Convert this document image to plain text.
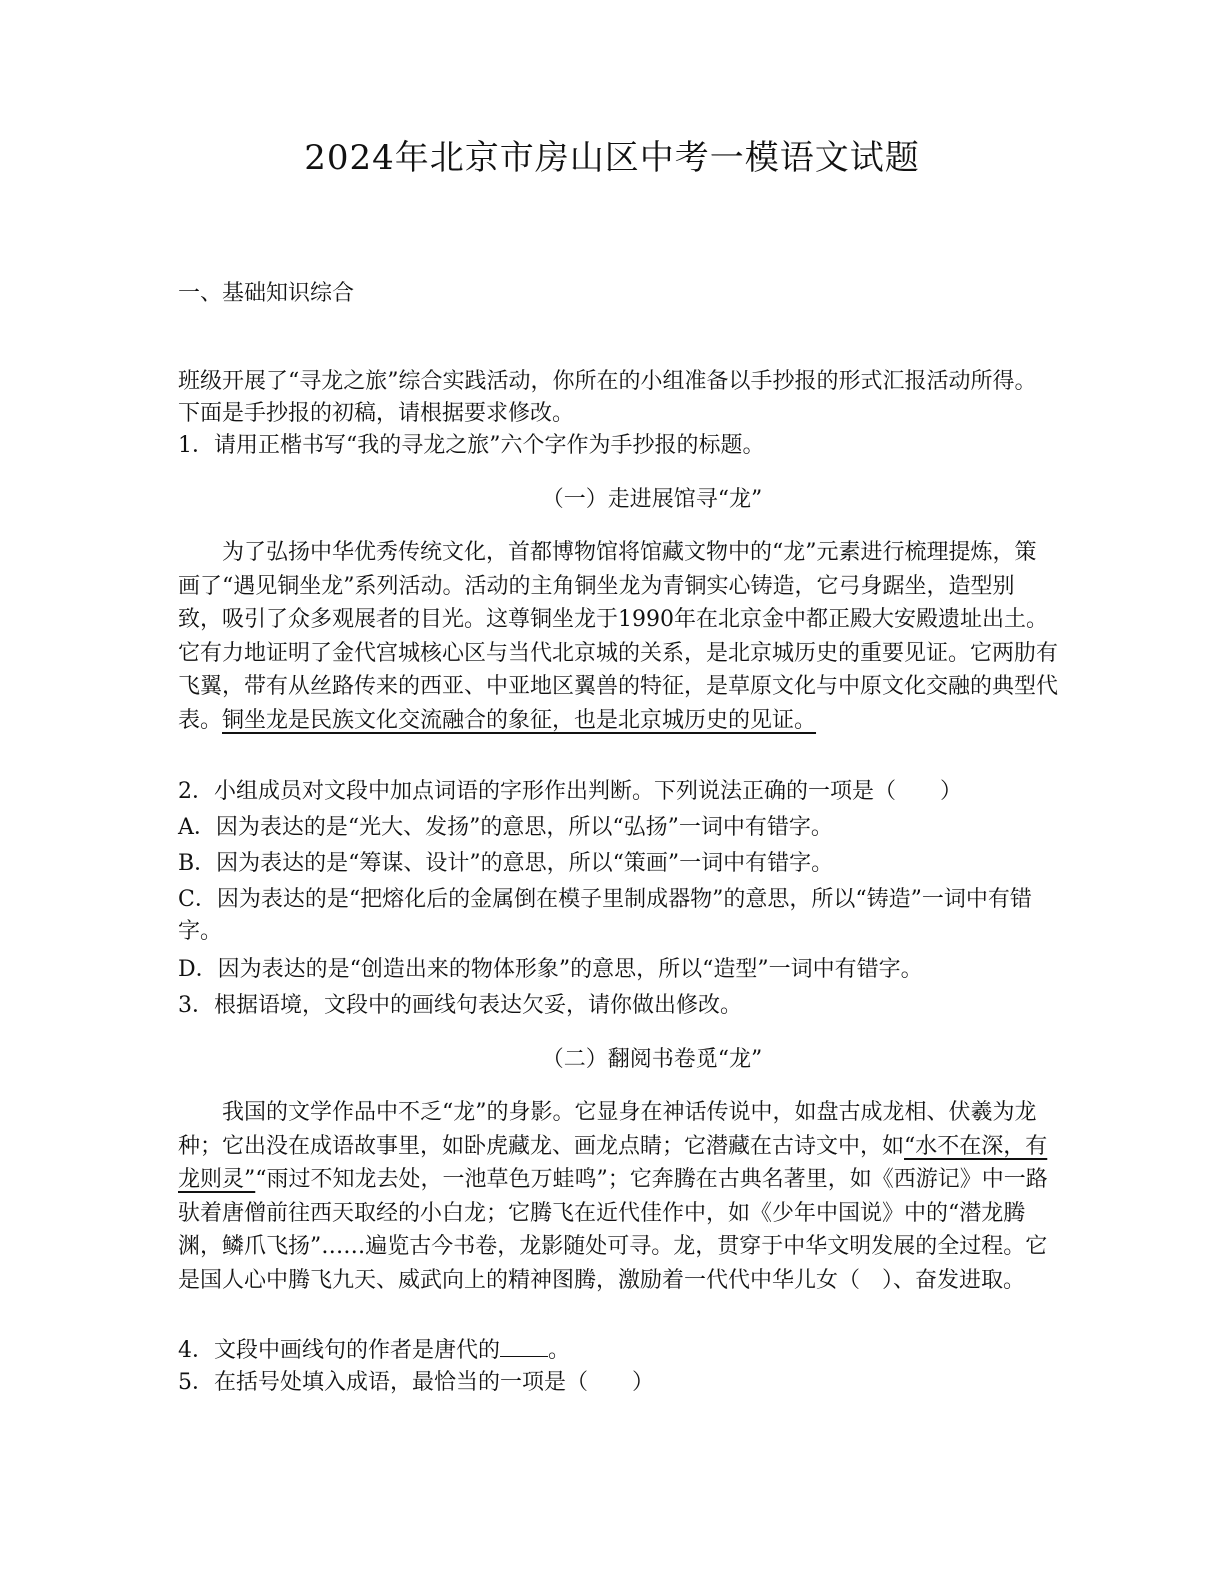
2024年北京市房山区中考一模语文试题
一、基础知识综合

班级开展了“寻龙之旅”综合实践活动，你所在的小组准备以手抄报的形式汇报活动所得。下面是手抄报的初稿，请根据要求修改。

1．请用正楷书写“我的寻龙之旅”六个字作为手抄报的标题。

（一）走进展馆寻“龙”

为了弘扬中华优秀传统文化，首都博物馆将馆藏文物中的“龙”元素进行梳理提炼，策画了“遇见铜坐龙”系列活动。活动的主角铜坐龙为青铜实心铸造，它弓身踞坐，造型别致，吸引了众多观展者的目光。这尊铜坐龙于1990年在北京金中都正殿大安殿遗址出土。它有力地证明了金代宫城核心区与当代北京城的关系，是北京城历史的重要见证。它两肋有飞翼，带有从丝路传来的西亚、中亚地区翼兽的特征，是草原文化与中原文化交融的典型代表。铜坐龙是民族文化交流融合的象征，也是北京城历史的见证。

2．小组成员对文段中加点词语的字形作出判断。下列说法正确的一项是（　　）

A．因为表达的是“光大、发扬”的意思，所以“弘扬”一词中有错字。

B．因为表达的是“筹谋、设计”的意思，所以“策画”一词中有错字。

C．因为表达的是“把熔化后的金属倒在模子里制成器物”的意思，所以“铸造”一词中有错字。

D．因为表达的是“创造出来的物体形象”的意思，所以“造型”一词中有错字。

3．根据语境，文段中的画线句表达欠妥，请你做出修改。

（二）翻阅书卷觅“龙”

我国的文学作品中不乏“龙”的身影。它显身在神话传说中，如盘古成龙相、伏羲为龙种；它出没在成语故事里，如卧虎藏龙、画龙点睛；它潜藏在古诗文中，如“水不在深，有龙则灵”“雨过不知龙去处，一池草色万蛙鸣”；它奔腾在古典名著里，如《西游记》中一路驮着唐僧前往西天取经的小白龙；它腾飞在近代佳作中，如《少年中国说》中的“潜龙腾渊，鳞爪飞扬”……遍览古今书卷，龙影随处可寻。龙，贯穿于中华文明发展的全过程。它是国人心中腾飞九天、威武向上的精神图腾，激励着一代代中华儿女（　）、奋发进取。

4．文段中画线句的作者是唐代的 。

5．在括号处填入成语，最恰当的一项是（　　）
